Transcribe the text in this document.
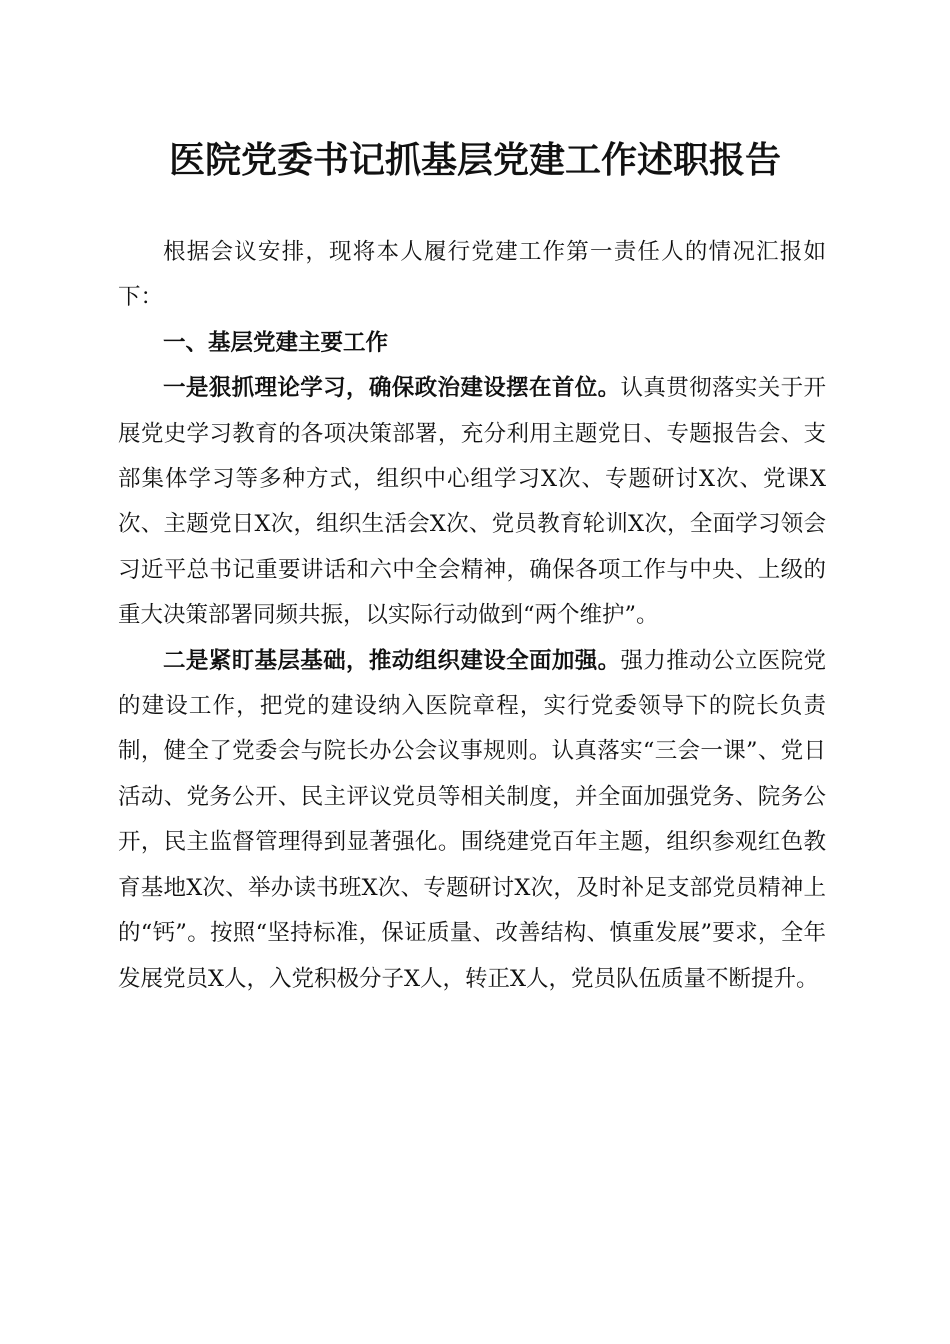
医院党委书记抓基层党建工作述职报告

根据会议安排，现将本人履行党建工作第一责任人的情况汇报如下：

一、基层党建主要工作

一是狠抓理论学习，确保政治建设摆在首位。认真贯彻落实关于开展党史学习教育的各项决策部署，充分利用主题党日、专题报告会、支部集体学习等多种方式，组织中心组学习X次、专题研讨X次、党课X次、主题党日X次，组织生活会X次、党员教育轮训X次，全面学习领会习近平总书记重要讲话和六中全会精神，确保各项工作与中央、上级的重大决策部署同频共振，以实际行动做到“两个维护”。

二是紧盯基层基础，推动组织建设全面加强。强力推动公立医院党的建设工作，把党的建设纳入医院章程，实行党委领导下的院长负责制，健全了党委会与院长办公会议事规则。认真落实“三会一课”、党日活动、党务公开、民主评议党员等相关制度，并全面加强党务、院务公开，民主监督管理得到显著强化。围绕建党百年主题，组织参观红色教育基地X次、举办读书班X次、专题研讨X次，及时补足支部党员精神上的“钙”。按照“坚持标准，保证质量、改善结构、慎重发展”要求，全年发展党员X人，入党积极分子X人，转正X人，党员队伍质量不断提升。
